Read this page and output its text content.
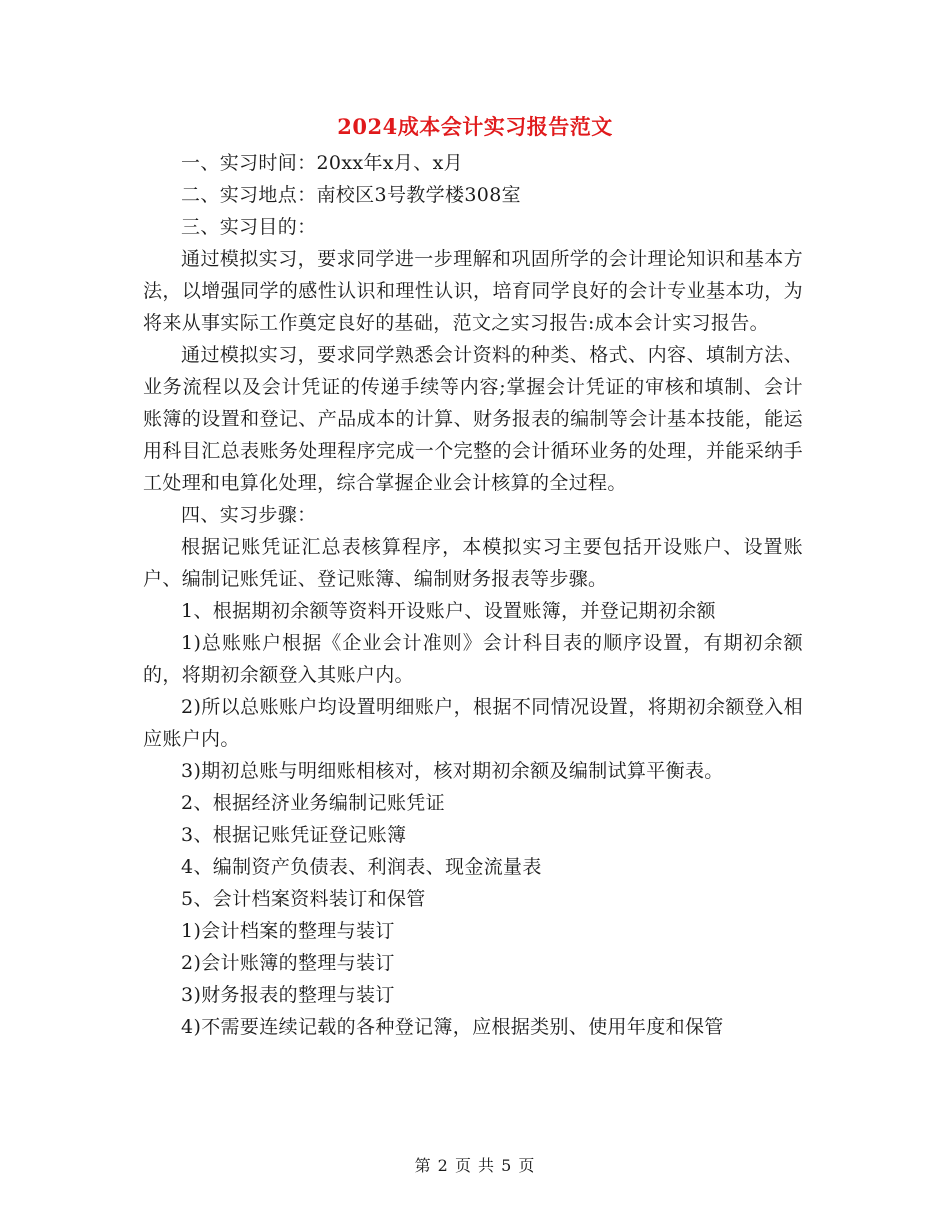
2024成本会计实习报告范文

一、实习时间：20xx年x月、x月

二、实习地点：南校区3号教学楼308室

三、实习目的：

通过模拟实习，要求同学进一步理解和巩固所学的会计理论知识和基本方法，以增强同学的感性认识和理性认识，培育同学良好的会计专业基本功，为将来从事实际工作奠定良好的基础，范文之实习报告:成本会计实习报告。

通过模拟实习，要求同学熟悉会计资料的种类、格式、内容、填制方法、业务流程以及会计凭证的传递手续等内容;掌握会计凭证的审核和填制、会计账簿的设置和登记、产品成本的计算、财务报表的编制等会计基本技能，能运用科目汇总表账务处理程序完成一个完整的会计循环业务的处理，并能采纳手工处理和电算化处理，综合掌握企业会计核算的全过程。

四、实习步骤：

根据记账凭证汇总表核算程序，本模拟实习主要包括开设账户、设置账户、编制记账凭证、登记账簿、编制财务报表等步骤。

1、根据期初余额等资料开设账户、设置账簿，并登记期初余额

1)总账账户根据《企业会计准则》会计科目表的顺序设置，有期初余额的，将期初余额登入其账户内。

2)所以总账账户均设置明细账户，根据不同情况设置，将期初余额登入相应账户内。

3)期初总账与明细账相核对，核对期初余额及编制试算平衡表。

2、根据经济业务编制记账凭证

3、根据记账凭证登记账簿

4、编制资产负债表、利润表、现金流量表

5、会计档案资料装订和保管

1)会计档案的整理与装订

2)会计账簿的整理与装订

3)财务报表的整理与装订

4)不需要连续记载的各种登记簿，应根据类别、使用年度和保管

第 2 页 共 5 页
